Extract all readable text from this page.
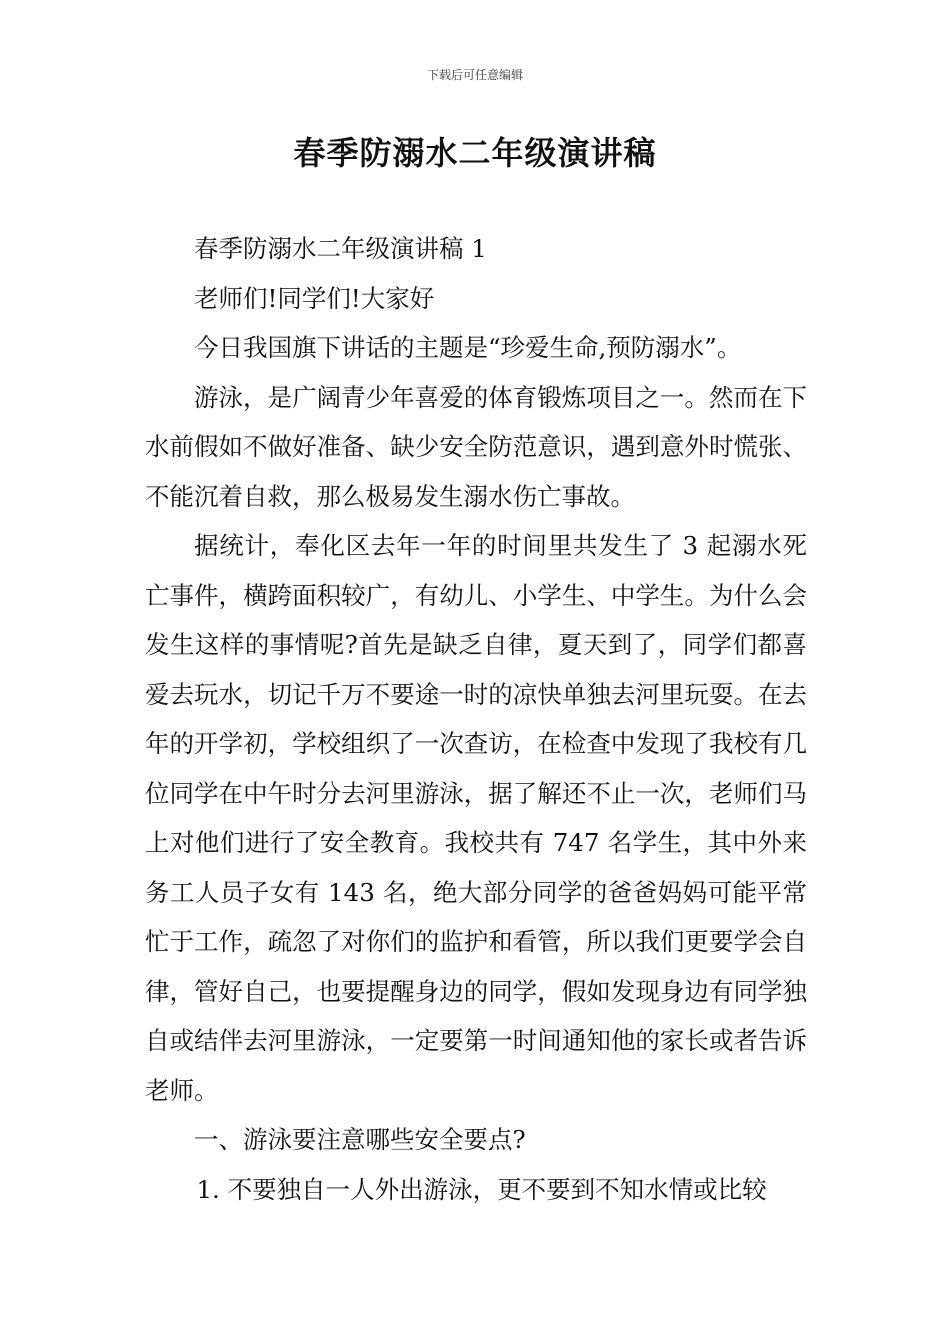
下载后可任意编辑
春季防溺水二年级演讲稿

春季防溺水二年级演讲稿 1

老师们!同学们!大家好

今日我国旗下讲话的主题是“珍爱生命,预防溺水”。

游泳，是广阔青少年喜爱的体育锻炼项目之一。然而在下水前假如不做好准备、缺少安全防范意识，遇到意外时慌张、不能沉着自救，那么极易发生溺水伤亡事故。

据统计，奉化区去年一年的时间里共发生了 3 起溺水死亡事件，横跨面积较广，有幼儿、小学生、中学生。为什么会发生这样的事情呢?首先是缺乏自律，夏天到了，同学们都喜爱去玩水，切记千万不要途一时的凉快单独去河里玩耍。在去年的开学初，学校组织了一次查访，在检查中发现了我校有几位同学在中午时分去河里游泳，据了解还不止一次，老师们马上对他们进行了安全教育。我校共有 747 名学生，其中外来务工人员子女有 143 名，绝大部分同学的爸爸妈妈可能平常忙于工作，疏忽了对你们的监护和看管，所以我们更要学会自律，管好自己，也要提醒身边的同学，假如发现身边有同学独自或结伴去河里游泳，一定要第一时间通知他的家长或者告诉老师。

一、游泳要注意哪些安全要点?

1. 不要独自一人外出游泳，更不要到不知水情或比较
